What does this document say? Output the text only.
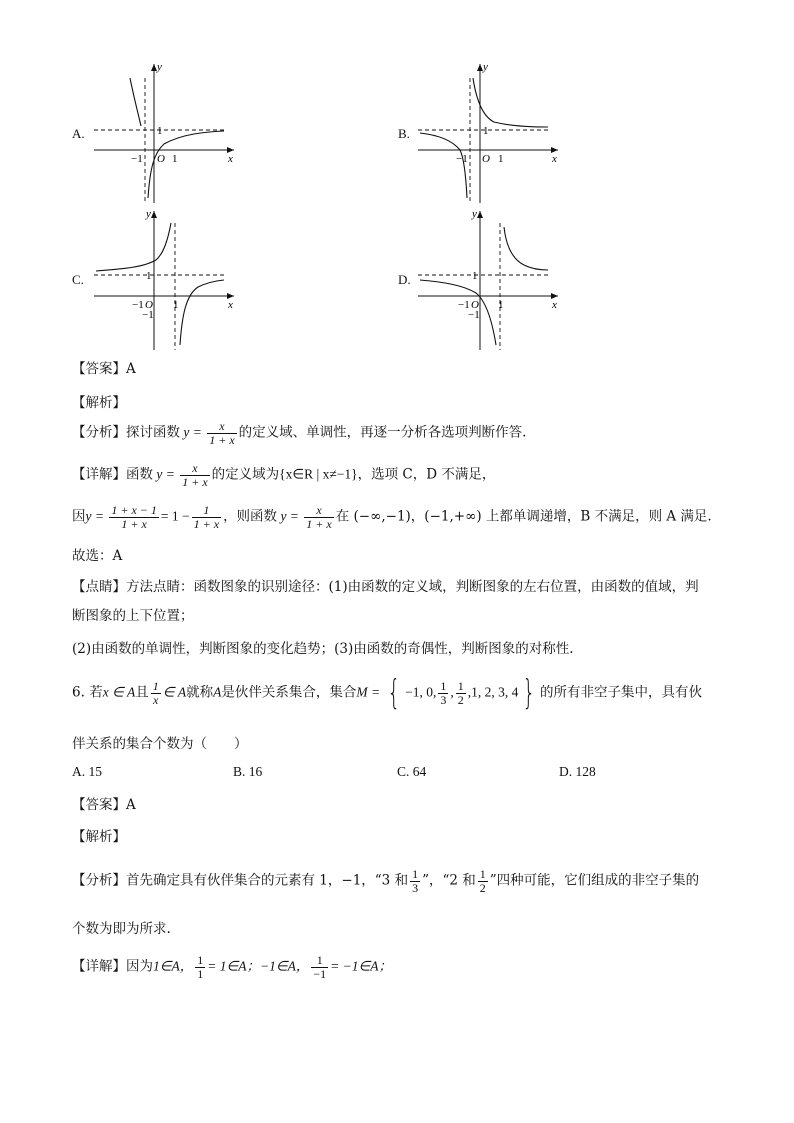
A.
y
x
1
−1 O 1
B.
y
x
1
−1 O 1
C.
y
x
1
−1 O
−1
1
D.
y
x
1
−1 O
−1
1
【答案】A
【解析】
【分析】探讨函数 $y = \frac{x}{1 + x}$ 的定义域、单调性，再逐一分析各选项判断作答.
【详解】函数 $y = \frac{x}{1 + x}$ 的定义域为{x∈R | x≠−1}，选项 C，D 不满足，
因$y = \frac{1 + x - 1}{1 + x} = 1 - \frac{1}{1 + x}$ ，则函数 $y = \frac{x}{1 + x}$ 在 (−∞,−1)，(−1,+∞) 上都单调递增，B 不满足，则 A 满足.
故选：A
【点睛】方法点睛：函数图象的识别途径：(1)由函数的定义域，判断图象的左右位置，由函数的值域，判
断图象的上下位置；
(2)由函数的单调性，判断图象的变化趋势；(3)由函数的奇偶性，判断图象的对称性.
6. 若x ∈ A且 $\frac{1}{x}$ ∈ A就称A是伙伴关系集合，集合M = { −1, 0, $\frac{1}{3}$ , $\frac{1}{2} ,1$, 2, 3, 4 } 的所有非空子集中，具有伙
伴关系的集合个数为（　　）
A. 15	B. 16	C. 64	D. 128
【答案】A
【解析】
【分析】首先确定具有伙伴集合的元素有 1，−1，“3 和 $\frac{1}{3}$ ”，“2 和 $\frac{1}{2}$ ”四种可能，它们组成的非空子集的
个数为即为所求.
【详解】因为1∈A， $\frac{1}{1}$ = 1∈A；−1∈A， $\frac{1}{-1}$ = −1∈A；
